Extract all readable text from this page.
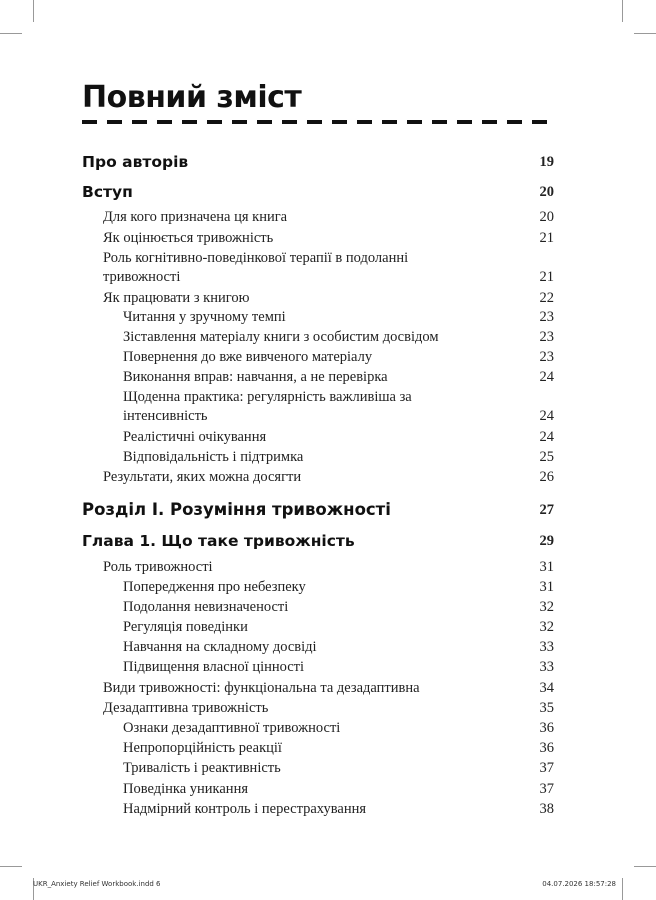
Повний зміст
Про авторів	19
Вступ	20
Для кого призначена ця книга	20
Як оцінюється тривожність	21
Роль когнітивно-поведінкової терапії в подоланні тривожності	21
Як працювати з книгою	22
Читання у зручному темпі	23
Зіставлення матеріалу книги з особистим досвідом	23
Повернення до вже вивченого матеріалу	23
Виконання вправ: навчання, а не перевірка	24
Щоденна практика: регулярність важливіша за інтенсивність	24
Реалістичні очікування	24
Відповідальність і підтримка	25
Результати, яких можна досягти	26
Розділ І. Розуміння тривожності	27
Глава 1. Що таке тривожність	29
Роль тривожності	31
Попередження про небезпеку	31
Подолання невизначеності	32
Регуляція поведінки	32
Навчання на складному досвіді	33
Підвищення власної цінності	33
Види тривожності: функціональна та дезадаптивна	34
Дезадаптивна тривожність	35
Ознаки дезадаптивної тривожності	36
Непропорційність реакції	36
Тривалість і реактивність	37
Поведінка уникання	37
Надмірний контроль і перестрахування	38
UKR_Anxiety Relief Workbook.indd 6	04.07.2026 18:57:28
